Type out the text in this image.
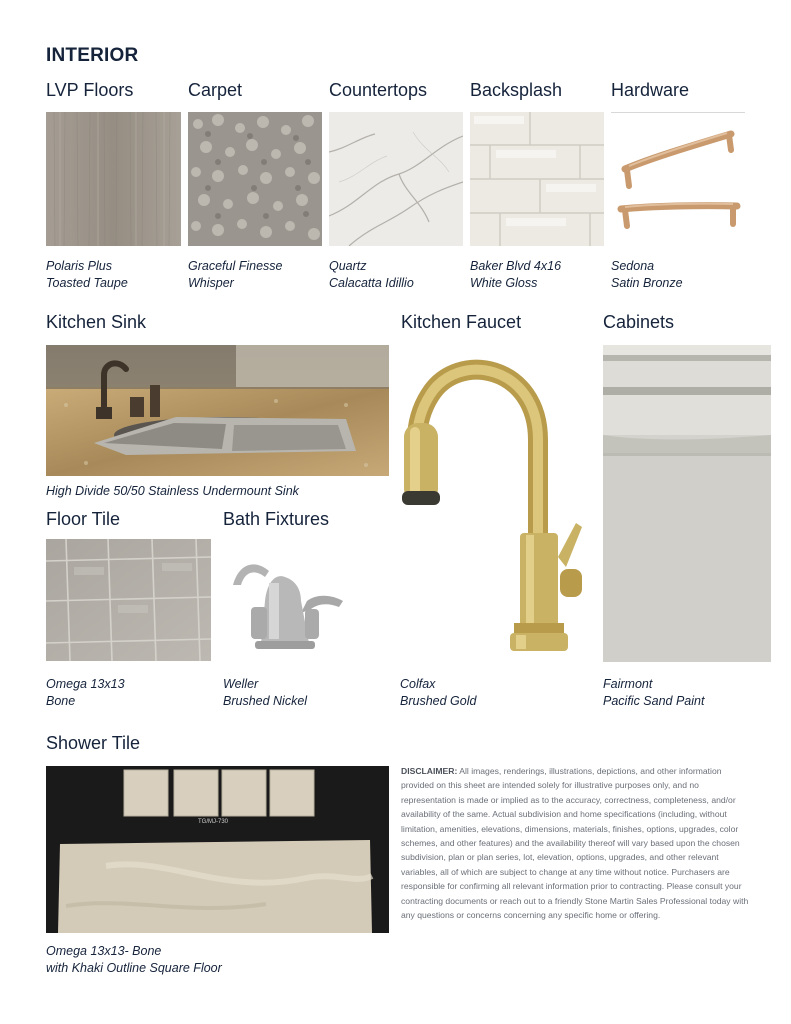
INTERIOR
LVP Floors	Carpet	Countertops Backsplash	Hardware
Polaris Plus
Toasted Taupe
Graceful Finesse
Whisper
Quartz
Calacatta Idillio
Baker Blvd 4x16
White Gloss
Sedona
Satin Bronze
Kitchen Sink	Kitchen Faucet	Cabinets
High Divide 50/50 Stainless Undermount Sink
Colfax
Brushed Gold
Fairmont
Pacific Sand Paint
Floor Tile	Bath Fixtures
Omega 13x13
Bone
Weller
Brushed Nickel
Shower Tile
TG/MJ-730
Omega 13x13- Bone
with Khaki Outline Square Floor
DISCLAIMER: All images, renderings, illustrations, depictions, and other information provided on this sheet are intended solely for illustrative purposes only, and no representation is made or implied as to the accuracy, correctness, completeness, and/or availability of the same. Actual subdivision and home specifications (including, without limitation, amenities, elevations, dimensions, materials, finishes, options, upgrades, color schemes, and other features) and the availability thereof will vary based upon the chosen subdivision, plan or plan series, lot, elevation, options, upgrades, and other relevant variables, all of which are subject to change at any time without notice. Purchasers are responsible for confirming all relevant information prior to contracting. Please consult your contracting documents or reach out to a friendly Stone Martin Sales Professional today with any questions or concerns concerning any specific home or offering.
